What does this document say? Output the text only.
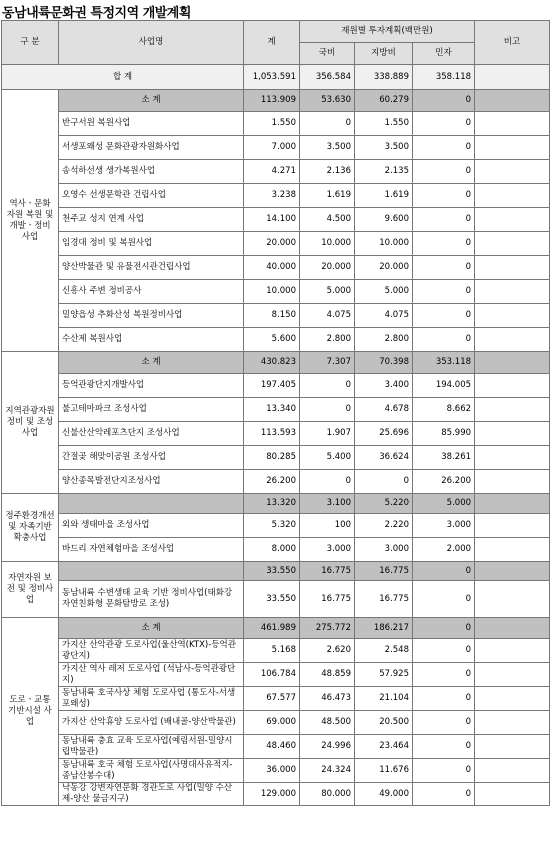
동남내륙문화권 특정지역 개발계획
구 분	사업명	계	재원별 투자계획(백만원)			비고
			국비	지방비	민자	
합 계		1,053.591	356.584	338.889	358.118	
역사ㆍ문화
자원 복원 및
개발ㆍ정비
사업	소 계	113.909	53.630	60.279	0	
	반구서원 복원사업	1.550	0	1.550	0	
	서생포왜성 문화관광자원화사업	7.000	3.500	3.500	0	
	송석하선생 생가복원사업	4.271	2.136	2.135	0	
	오영수 선생문학관 건립사업	3.238	1.619	1.619	0	
	천주교 성지 연계 사업	14.100	4.500	9.600	0	
	임경대 정비 및 복원사업	20.000	10.000	10.000	0	
	양산박물관 및 유물전시관건립사업	40.000	20.000	20.000	0	
	신흥사 주변 정비공사	10.000	5.000	5.000	0	
	밀양읍성 추화산성 복원정비사업	8.150	4.075	4.075	0	
	수산제 복원사업	5.600	2.800	2.800	0	
지역관광자원
정비 및 조성
사업	소 계	430.823	7.307	70.398	353.118	
	등억관광단지개발사업	197.405	0	3.400	194.005	
	불고테마파크 조성사업	13.340	0	4.678	8.662	
	신불산산악레포츠단지 조성사업	113.593	1.907	25.696	85.990	
	간절곶 해맞이공원 조성사업	80.285	5.400	36.624	38.261	
	양산종목발전단지조성사업	26.200	0	0	26.200	
정주환경개선
및 자족기반
확충사업		13.320	3.100	5.220	5.000	
	외와 생태마을 조성사업	5.320	100	2.220	3.000	
	바드리 자연체험마을 조성사업	8.000	3.000	3.000	2.000	
자연자원 보
전 및 정비사
업		33.550	16.775	16.775	0	
	동남내륙 수변생태 교육 기반 정비사업(태화강 자연친화형 문화탐방로 조성)	33.550	16.775	16.775	0	
도로ㆍ교통
기반시설 사
업	소 계	461.989	275.772	186.217	0	
	가지산 산악관광 도로사업(울산역(KTX)-등억관광단지)	5.168	2.620	2.548	0	
	가지산 역사 레저 도로사업 (석남사-등억관광단지)	106.784	48.859	57.925	0	
	동남내륙 호국사상 체험 도로사업 (통도사-서생포왜성)	67.577	46.473	21.104	0	
	가지산 산악휴양 도로사업 (배내골-양산박물관)	69.000	48.500	20.500	0	
	동남내륙 충효 교육 도로사업(예림서원-밀양시립박물관)	48.460	24.996	23.464	0	
	동남내륙 호국 체험 도로사업(사명대사유적지-종남산봉수대)	36.000	24.324	11.676	0	
	낙동강 강변자연문화 경관도로 사업(밀양 수산제-양산 물금지구)	129.000	80.000	49.000	0	
